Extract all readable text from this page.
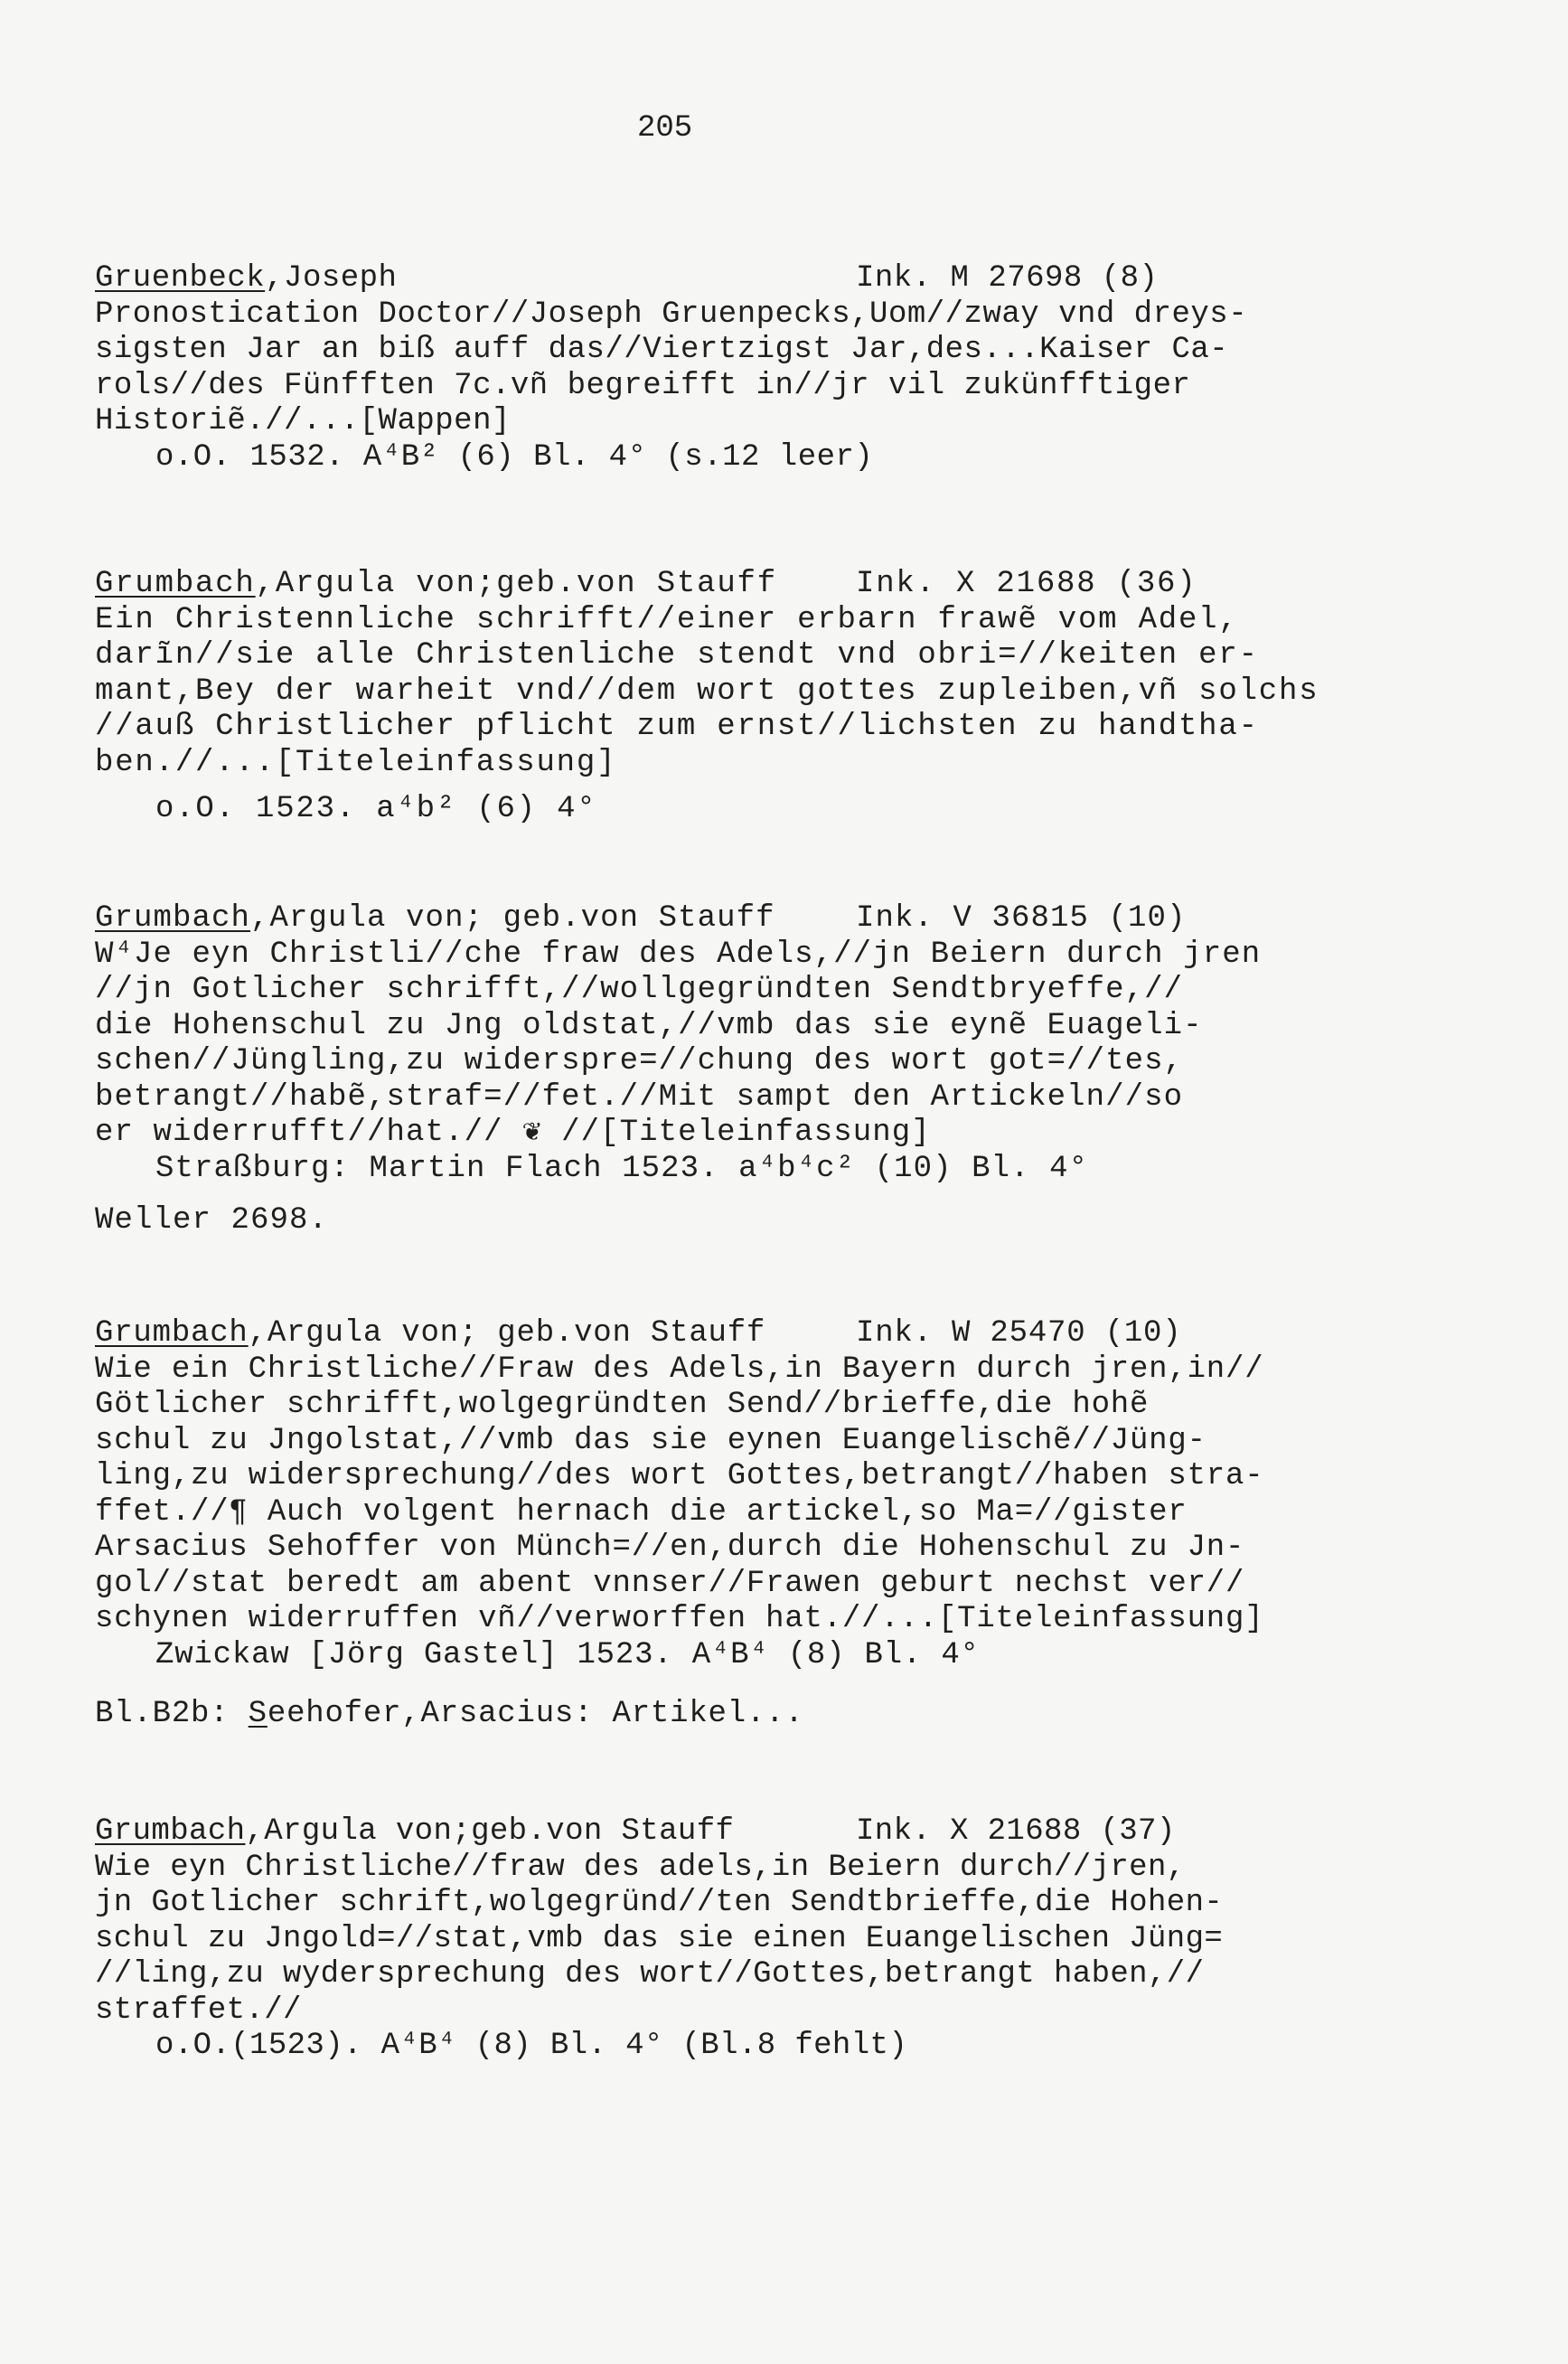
205
Gruenbeck,Joseph	Ink. M 27698 (8)
Pronostication Doctor//Joseph Gruenpecks,Uom//zway vnd dreys-
sigsten Jar an biß auff das//Viertzigst Jar,des...Kaiser Ca-
rols//des Fünfften 7c.vñ begreifft in//jr vil zukünfftiger
Historiẽ.//...[Wappen]
o.O. 1532. A⁴B² (6) Bl. 4° (s.12 leer)
Grumbach,Argula von;geb.von Stauff	Ink. X 21688 (36)
Ein Christennliche schrifft//einer erbarn frawẽ vom Adel,
darĩn//sie alle Christenliche stendt vnd obri=//keiten er-
mant,Bey der warheit vnd//dem wort gottes zupleiben,vñ solchs
//auß Christlicher pflicht zum ernst//lichsten zu handtha-
ben.//...[Titeleinfassung]
o.O. 1523. a⁴b² (6) 4°
Grumbach,Argula von; geb.von Stauff	Ink. V 36815 (10)
W⁴Je eyn Christli//che fraw des Adels,//jn Beiern durch jren
//jn Gotlicher schrifft,//wollgegründten Sendtbryeffe,//
die Hohenschul zu Jng oldstat,//vmb das sie eynẽ Euageli-
schen//Jüngling,zu widerspre=//chung des wort got=//tes,
betrangt//habẽ,straf=//fet.//Mit sampt den Artickeln//so
er widerrufft//hat.// ❦ //[Titeleinfassung]
Straßburg: Martin Flach 1523. a⁴b⁴c² (10) Bl. 4°
Weller 2698.
Grumbach,Argula von; geb.von Stauff	Ink. W 25470 (10)
Wie ein Christliche//Fraw des Adels,in Bayern durch jren,in//
Götlicher schrifft,wolgegründten Send//brieffe,die hohẽ
schul zu Jngolstat,//vmb das sie eynen Euangelischẽ//Jüng-
ling,zu widersprechung//des wort Gottes,betrangt//haben stra-
ffet.//¶ Auch volgent hernach die artickel,so Ma=//gister
Arsacius Sehoffer von Münch=//en,durch die Hohenschul zu Jn-
gol//stat beredt am abent vnnser//Frawen geburt nechst ver//
schynen widerruffen vñ//verworffen hat.//...[Titeleinfassung]
Zwickaw [Jörg Gastel] 1523. A⁴B⁴ (8) Bl. 4°
Bl.B2b: Seehofer,Arsacius: Artikel...
Grumbach,Argula von;geb.von Stauff	Ink. X 21688 (37)
Wie eyn Christliche//fraw des adels,in Beiern durch//jren,
jn Gotlicher schrift,wolgegründ//ten Sendtbrieffe,die Hohen-
schul zu Jngold=//stat,vmb das sie einen Euangelischen Jüng=
//ling,zu wydersprechung des wort//Gottes,betrangt haben,//
straffet.//
o.O.(1523). A⁴B⁴ (8) Bl. 4° (Bl.8 fehlt)
